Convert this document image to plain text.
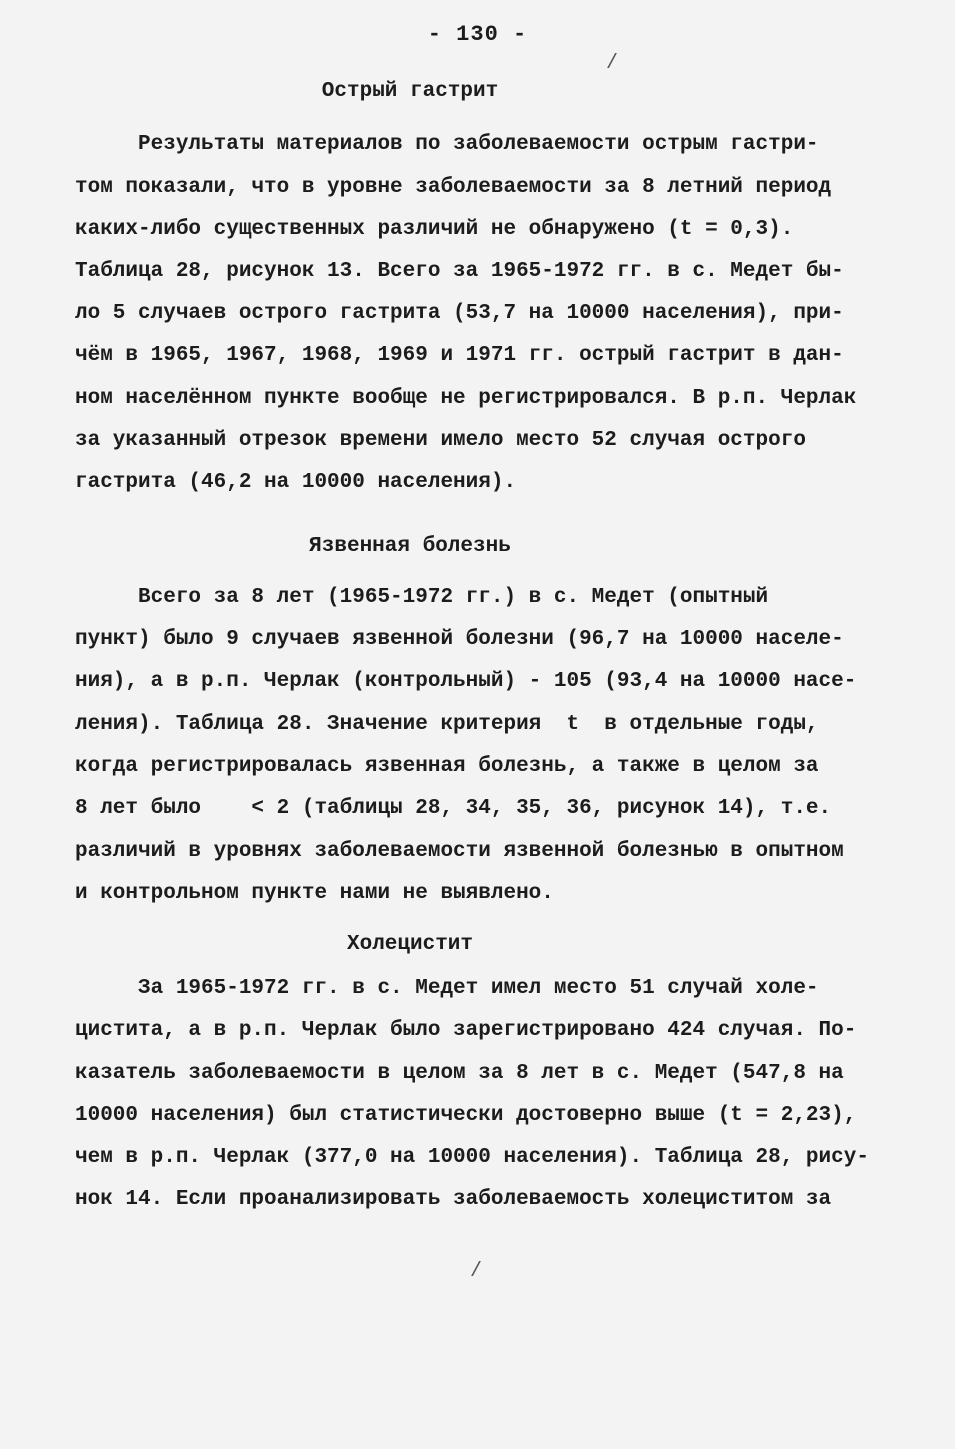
- 130 -
/
Острый гастрит
Результаты материалов по заболеваемости острым гастри-
том показали, что в уровне заболеваемости за 8 летний период
каких-либо существенных различий не обнаружено (t = 0,3).
Таблица 28, рисунок 13. Всего за 1965-1972 гг. в с. Медет бы-
ло 5 случаев острого гастрита (53,7 на 10000 населения), при-
чём в 1965, 1967, 1968, 1969 и 1971 гг. острый гастрит в дан-
ном населённом пункте вообще не регистрировался. В р.п. Черлак
за указанный отрезок времени имело место 52 случая острого
гастрита (46,2 на 10000 населения).
Язвенная болезнь
Всего за 8 лет (1965-1972 гг.) в с. Медет (опытный
пункт) было 9 случаев язвенной болезни (96,7 на 10000 населе-
ния), а в р.п. Черлак (контрольный) - 105 (93,4 на 10000 насе-
ления). Таблица 28. Значение критерия  t  в отдельные годы,
когда регистрировалась язвенная болезнь, а также в целом за
8 лет было    < 2 (таблицы 28, 34, 35, 36, рисунок 14), т.е.
различий в уровнях заболеваемости язвенной болезнью в опытном
и контрольном пункте нами не выявлено.
Холецистит
За 1965-1972 гг. в с. Медет имел место 51 случай холе-
цистита, а в р.п. Черлак было зарегистрировано 424 случая. По-
казатель заболеваемости в целом за 8 лет в с. Медет (547,8 на
10000 населения) был статистически достоверно выше (t = 2,23),
чем в р.п. Черлак (377,0 на 10000 населения). Таблица 28, рису-
нок 14. Если проанализировать заболеваемость холециститом за
/
